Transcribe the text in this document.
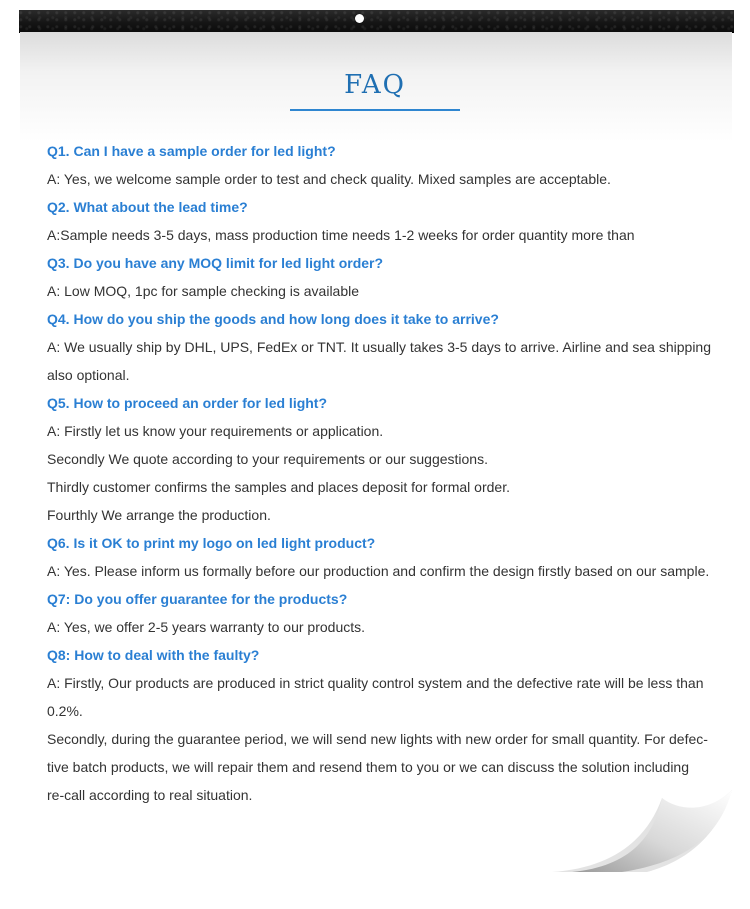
FAQ
Q1. Can I have a sample order for led light?
A: Yes, we welcome sample order to test and check quality. Mixed samples are acceptable.
Q2. What about the lead time?
A:Sample needs 3-5 days, mass production time needs 1-2 weeks for order quantity more than
Q3. Do you have any MOQ limit for led light order?
A: Low MOQ, 1pc for sample checking is available
Q4. How do you ship the goods and how long does it take to arrive?
A: We usually ship by DHL, UPS, FedEx or TNT. It usually takes 3-5 days to arrive. Airline and sea shipping
also optional.
Q5. How to proceed an order for led light?
A: Firstly let us know your requirements or application.
Secondly We quote according to your requirements or our suggestions.
Thirdly customer confirms the samples and places deposit for formal order.
Fourthly We arrange the production.
Q6. Is it OK to print my logo on led light product?
A: Yes. Please inform us formally before our production and confirm the design firstly based on our sample.
Q7: Do you offer guarantee for the products?
A: Yes, we offer 2-5 years warranty to our products.
Q8: How to deal with the faulty?
A: Firstly, Our products are produced in strict quality control system and the defective rate will be less than
0.2%.
Secondly, during the guarantee period, we will send new lights with new order for small quantity. For defec-
tive batch products, we will repair them and resend them to you or we can discuss the solution including
re-call according to real situation.
